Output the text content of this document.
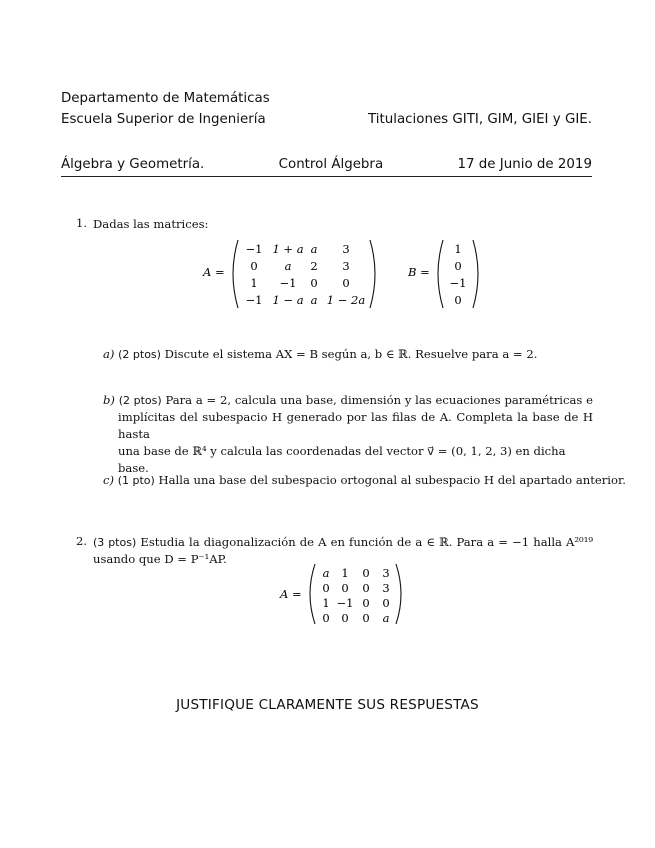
Departamento de Matemáticas
Escuela Superior de Ingeniería	Titulaciones GITI, GIM, GIEI y GIE.
Álgebra y Geometría.	Control Álgebra	17 de Junio de 2019
1. Dadas las matrices:
A =
−1 1 + a a 3
0 a 2 3
1 −1 0 0
−1 1 − a a 1 − 2a
B =
1
0
−1
0
a) (2 ptos) Discute el sistema AX = B según a, b ∈ ℝ. Resuelve para a = 2.
b) (2 ptos) Para a = 2, calcula una base, dimensión y las ecuaciones paramétricas e
implícitas del subespacio H generado por las filas de A. Completa la base de H hasta
una base de ℝ⁴ y calcula las coordenadas del vector v⃗ = (0, 1, 2, 3) en dicha base.
c) (1 pto) Halla una base del subespacio ortogonal al subespacio H del apartado anterior.
2. (3 ptos) Estudia la diagonalización de A en función de a ∈ ℝ. Para a = −1 halla A²⁰¹⁹
usando que D = P⁻¹AP.
A =
a 1 0 3
0 0 0 3
1 −1 0 0
0 0 0 a
JUSTIFIQUE CLARAMENTE SUS RESPUESTAS
